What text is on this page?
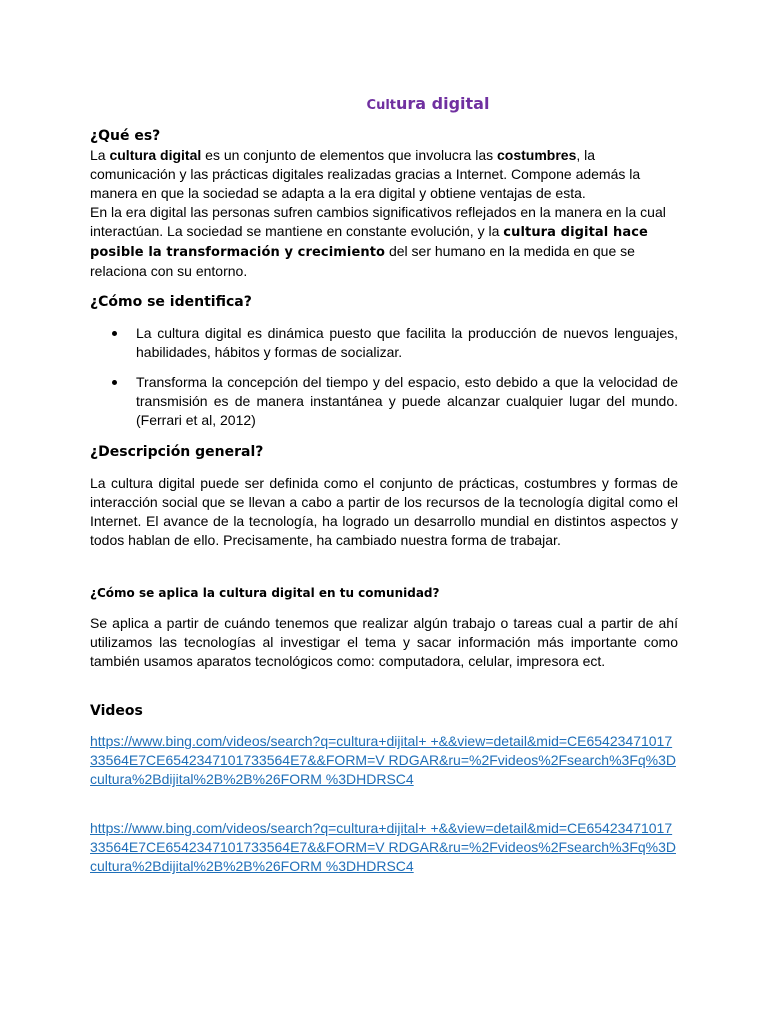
Cultura digital

¿Qué es?

La cultura digital es un conjunto de elementos que involucra las costumbres, la comunicación y las prácticas digitales realizadas gracias a Internet. Compone además la manera en que la sociedad se adapta a la era digital y obtiene ventajas de esta.

En la era digital las personas sufren cambios significativos reflejados en la manera en la cual interactúan. La sociedad se mantiene en constante evolución, y la cultura digital hace posible la transformación y crecimiento del ser humano en la medida en que se relaciona con su entorno.

¿Cómo se identifica?

La cultura digital es dinámica puesto que facilita la producción de nuevos lenguajes, habilidades, hábitos y formas de socializar.
Transforma la concepción del tiempo y del espacio, esto debido a que la velocidad de transmisión es de manera instantánea y puede alcanzar cualquier lugar del mundo. (Ferrari et al, 2012)

¿Descripción general?

La cultura digital puede ser definida como el conjunto de prácticas, costumbres y formas de interacción social que se llevan a cabo a partir de los recursos de la tecnología digital como el Internet. El avance de la tecnología, ha logrado un desarrollo mundial en distintos aspectos y todos hablan de ello. Precisamente, ha cambiado nuestra forma de trabajar.

¿Cómo se aplica la cultura digital en tu comunidad?

Se aplica a partir de cuándo tenemos que realizar algún trabajo o tareas cual a partir de ahí utilizamos las tecnologías al investigar el tema y sacar información más importante como también usamos aparatos tecnológicos como: computadora, celular, impresora ect.

Videos

https://www.bing.com/videos/search?q=cultura+dijital+ +&&view=detail&mid=CE6542347101733564E7CE6542347101733564E7&&FORM=V RDGAR&ru=%2Fvideos%2Fsearch%3Fq%3Dcultura%2Bdijital%2B%2B%26FORM %3DHDRSC4
https://www.bing.com/videos/search?q=cultura+dijital+ +&&view=detail&mid=CE6542347101733564E7CE6542347101733564E7&&FORM=V RDGAR&ru=%2Fvideos%2Fsearch%3Fq%3Dcultura%2Bdijital%2B%2B%26FORM %3DHDRSC4
